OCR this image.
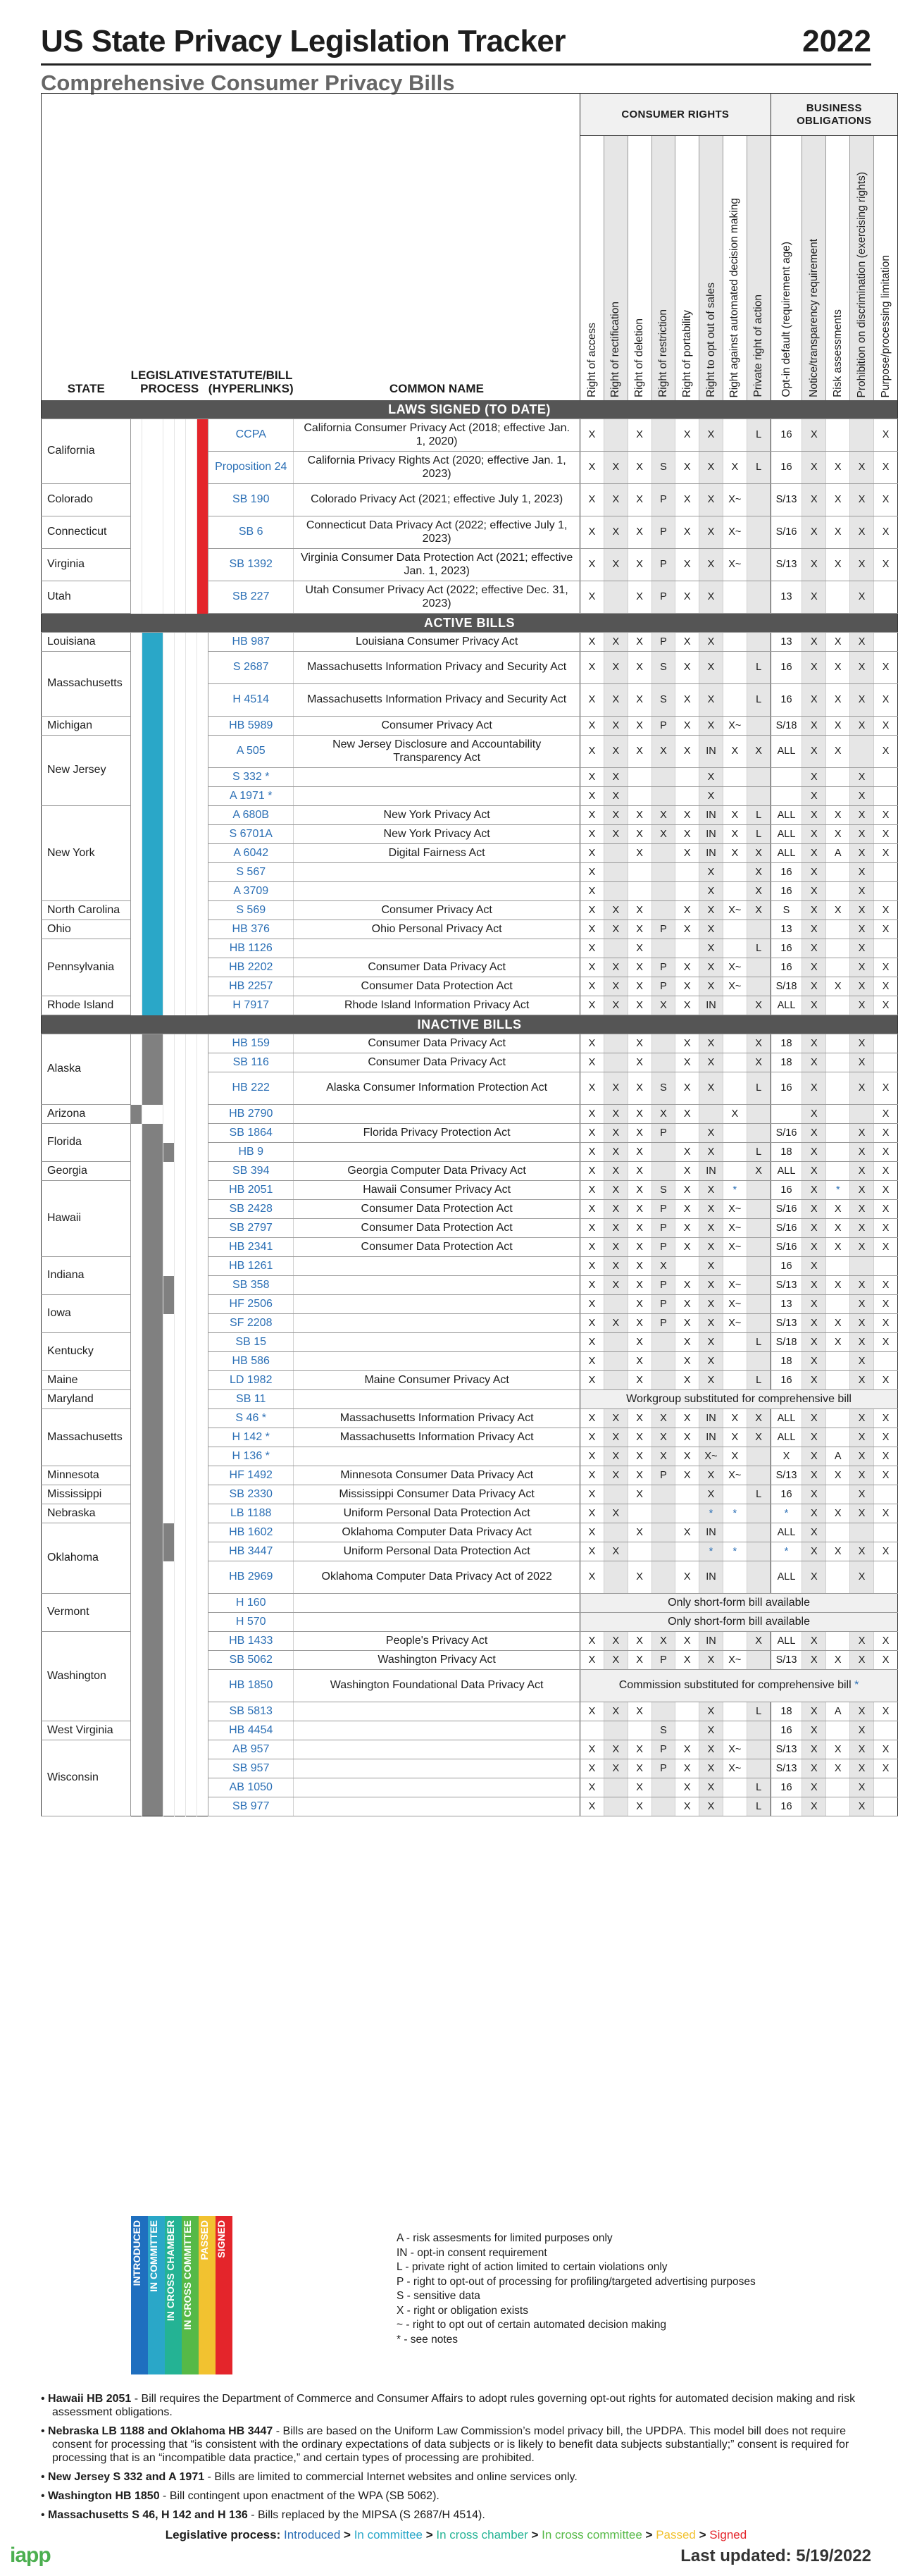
US State Privacy Legislation Tracker	2022
Comprehensive Consumer Privacy Bills
									CONSUMER RIGHTS								BUSINESS OBLIGATIONS				
STATE	LEGISLATIVE PROCESS						STATUTE/BILL (HYPERLINKS)	COMMON NAME	Right of access	Right of rectification	Right of deletion	Right of restriction	Right of portability	Right to opt out of sales	Right against automated decision making	Private right of action	Opt-in default (requirement age)	Notice/transparency requirement	Risk assessments	Prohibition on discrimination (exercising rights)	Purpose/processing limitation

LAWS SIGNED (TO DATE)																					
California							CCPA	California Consumer Privacy Act (2018; effective Jan. 1, 2020)	X		X		X	X		L	16	X			X
							Proposition 24	California Privacy Rights Act (2020; effective Jan. 1, 2023)	X	X	X	S	X	X	X	L	16	X	X	X	X
Colorado							SB 190	Colorado Privacy Act (2021; effective July 1, 2023)	X	X	X	P	X	X	X~		S/13	X	X	X	X
Connecticut							SB 6	Connecticut Data Privacy Act (2022; effective July 1, 2023)	X	X	X	P	X	X	X~		S/16	X	X	X	X
Virginia							SB 1392	Virginia Consumer Data Protection Act (2021; effective Jan. 1, 2023)	X	X	X	P	X	X	X~		S/13	X	X	X	X
Utah							SB 227	Utah Consumer Privacy Act (2022; effective Dec. 31, 2023)	X		X	P	X	X			13	X		X	
ACTIVE BILLS																					
Louisiana							HB 987	Louisiana Consumer Privacy Act	X	X	X	P	X	X			13	X	X	X	
Massachusetts							S 2687	Massachusetts Information Privacy and Security Act	X	X	X	S	X	X		L	16	X	X	X	X
							H 4514	Massachusetts Information Privacy and Security Act	X	X	X	S	X	X		L	16	X	X	X	X
Michigan							HB 5989	Consumer Privacy Act	X	X	X	P	X	X	X~		S/18	X	X	X	X
New Jersey							A 505	New Jersey Disclosure and Accountability Transparency Act	X	X	X	X	X	IN	X	X	ALL	X	X		X
							S 332 *		X	X				X				X		X	
							A 1971 *		X	X				X				X		X	
New York							A 680B	New York Privacy Act	X	X	X	X	X	IN	X	L	ALL	X	X	X	X
							S 6701A	New York Privacy Act	X	X	X	X	X	IN	X	L	ALL	X	X	X	X
							A 6042	Digital Fairness Act	X		X		X	IN	X	X	ALL	X	A	X	X
							S 567		X					X		X	16	X		X	
							A 3709		X					X		X	16	X		X	
North Carolina							S 569	Consumer Privacy Act	X	X	X		X	X	X~	X	S	X	X	X	X
Ohio							HB 376	Ohio Personal Privacy Act	X	X	X	P	X	X			13	X		X	X
Pennsylvania							HB 1126		X		X			X		L	16	X		X	
							HB 2202	Consumer Data Privacy Act	X	X	X	P	X	X	X~		16	X		X	X
							HB 2257	Consumer Data Protection Act	X	X	X	P	X	X	X~		S/18	X	X	X	X
Rhode Island							H 7917	Rhode Island Information Privacy Act	X	X	X	X	X	IN		X	ALL	X		X	X
INACTIVE BILLS																					
Alaska							HB 159	Consumer Data Privacy Act	X		X		X	X		X	18	X		X	
							SB 116	Consumer Data Privacy Act	X		X		X	X		X	18	X		X	
							HB 222	Alaska Consumer Information Protection Act	X	X	X	S	X	X		L	16	X		X	X
Arizona							HB 2790		X	X	X	X	X		X			X			X
Florida							SB 1864	Florida Privacy Protection Act	X	X	X	P		X			S/16	X		X	X
							HB 9		X	X	X		X	X		L	18	X		X	X
Georgia							SB 394	Georgia Computer Data Privacy Act	X	X	X		X	IN		X	ALL	X		X	X
Hawaii							HB 2051	Hawaii Consumer Privacy Act	X	X	X	S	X	X	*		16	X	*	X	X
							SB 2428	Consumer Data Protection Act	X	X	X	P	X	X	X~		S/16	X	X	X	X
							SB 2797	Consumer Data Protection Act	X	X	X	P	X	X	X~		S/16	X	X	X	X
							HB 2341	Consumer Data Protection Act	X	X	X	P	X	X	X~		S/16	X	X	X	X
Indiana							HB 1261		X	X	X	X		X			16	X			
							SB 358		X	X	X	P	X	X	X~		S/13	X	X	X	X
Iowa							HF 2506		X		X	P	X	X	X~		13	X		X	X
							SF 2208		X	X	X	P	X	X	X~		S/13	X	X	X	X
Kentucky							SB 15		X		X		X	X		L	S/18	X	X	X	X
							HB 586		X		X		X	X			18	X		X	
Maine							LD 1982	Maine Consumer Privacy Act	X		X		X	X		L	16	X		X	X
Maryland							SB 11		Workgroup substituted for comprehensive bill												
Massachusetts							S 46 *	Massachusetts Information Privacy Act	X	X	X	X	X	IN	X	X	ALL	X		X	X
							H 142 *	Massachusetts Information Privacy Act	X	X	X	X	X	IN	X	X	ALL	X		X	X
							H 136 *		X	X	X	X	X	X~	X		X	X	A	X	X
Minnesota							HF 1492	Minnesota Consumer Data Privacy Act	X	X	X	P	X	X	X~		S/13	X	X	X	X
Mississippi							SB 2330	Mississippi Consumer Data Privacy Act	X		X			X		L	16	X		X	
Nebraska							LB 1188	Uniform Personal Data Protection Act	X	X				*	*		*	X	X	X	X
Oklahoma							HB 1602	Oklahoma Computer Data Privacy Act	X		X		X	IN			ALL	X			
							HB 3447	Uniform Personal Data Protection Act	X	X				*	*		*	X	X	X	X
							HB 2969	Oklahoma Computer Data Privacy Act of 2022	X		X		X	IN			ALL	X		X	
Vermont							H 160		Only short-form bill available												
							H 570		Only short-form bill available												
Washington							HB 1433	People's Privacy Act	X	X	X	X	X	IN		X	ALL	X		X	X
							SB 5062	Washington Privacy Act	X	X	X	P	X	X	X~		S/13	X	X	X	X
							HB 1850	Washington Foundational Data Privacy Act	Commission substituted for comprehensive bill *												
							SB 5813		X	X	X			X		L	18	X	A	X	X
West Virginia							HB 4454					S		X			16	X		X	
Wisconsin							AB 957		X	X	X	P	X	X	X~		S/13	X	X	X	X
							SB 957		X	X	X	P	X	X	X~		S/13	X	X	X	X
							AB 1050		X		X		X	X		L	16	X		X	
							SB 977		X		X		X	X		L	16	X		X	
INTRODUCED IN COMMITTEE IN CROSS CHAMBER IN CROSS COMMITTEE PASSED SIGNED	A - risk assesments for limited purposes only
IN - opt-in consent requirement
L - private right of action limited to certain violations only
P - right to opt-out of processing for profiling/targeted advertising purposes
S - sensitive data
X - right or obligation exists
~ - right to opt out of certain automated decision making
* - see notes

• Hawaii HB 2051 - Bill requires the Department of Commerce and Consumer Affairs to adopt rules governing opt-out rights for automated decision making and risk assessment obligations.

• Nebraska LB 1188 and Oklahoma HB 3447 - Bills are based on the Uniform Law Commission’s model privacy bill, the UPDPA. This model bill does not require consent for processing that “is consistent with the ordinary expectations of data subjects or is likely to benefit data subjects substantially;” consent is required for processing that is an “incompatible data practice,” and certain types of processing are prohibited.

• New Jersey S 332 and A 1971 - Bills are limited to commercial Internet websites and online services only.

• Washington HB 1850 - Bill contingent upon enactment of the WPA (SB 5062).

• Massachusetts S 46, H 142 and H 136 - Bills replaced by the MIPSA (S 2687/H 4514).

Legislative process: Introduced > In committee > In cross chamber > In cross committee > Passed > Signed
iapp	Last updated: 5/19/2022
